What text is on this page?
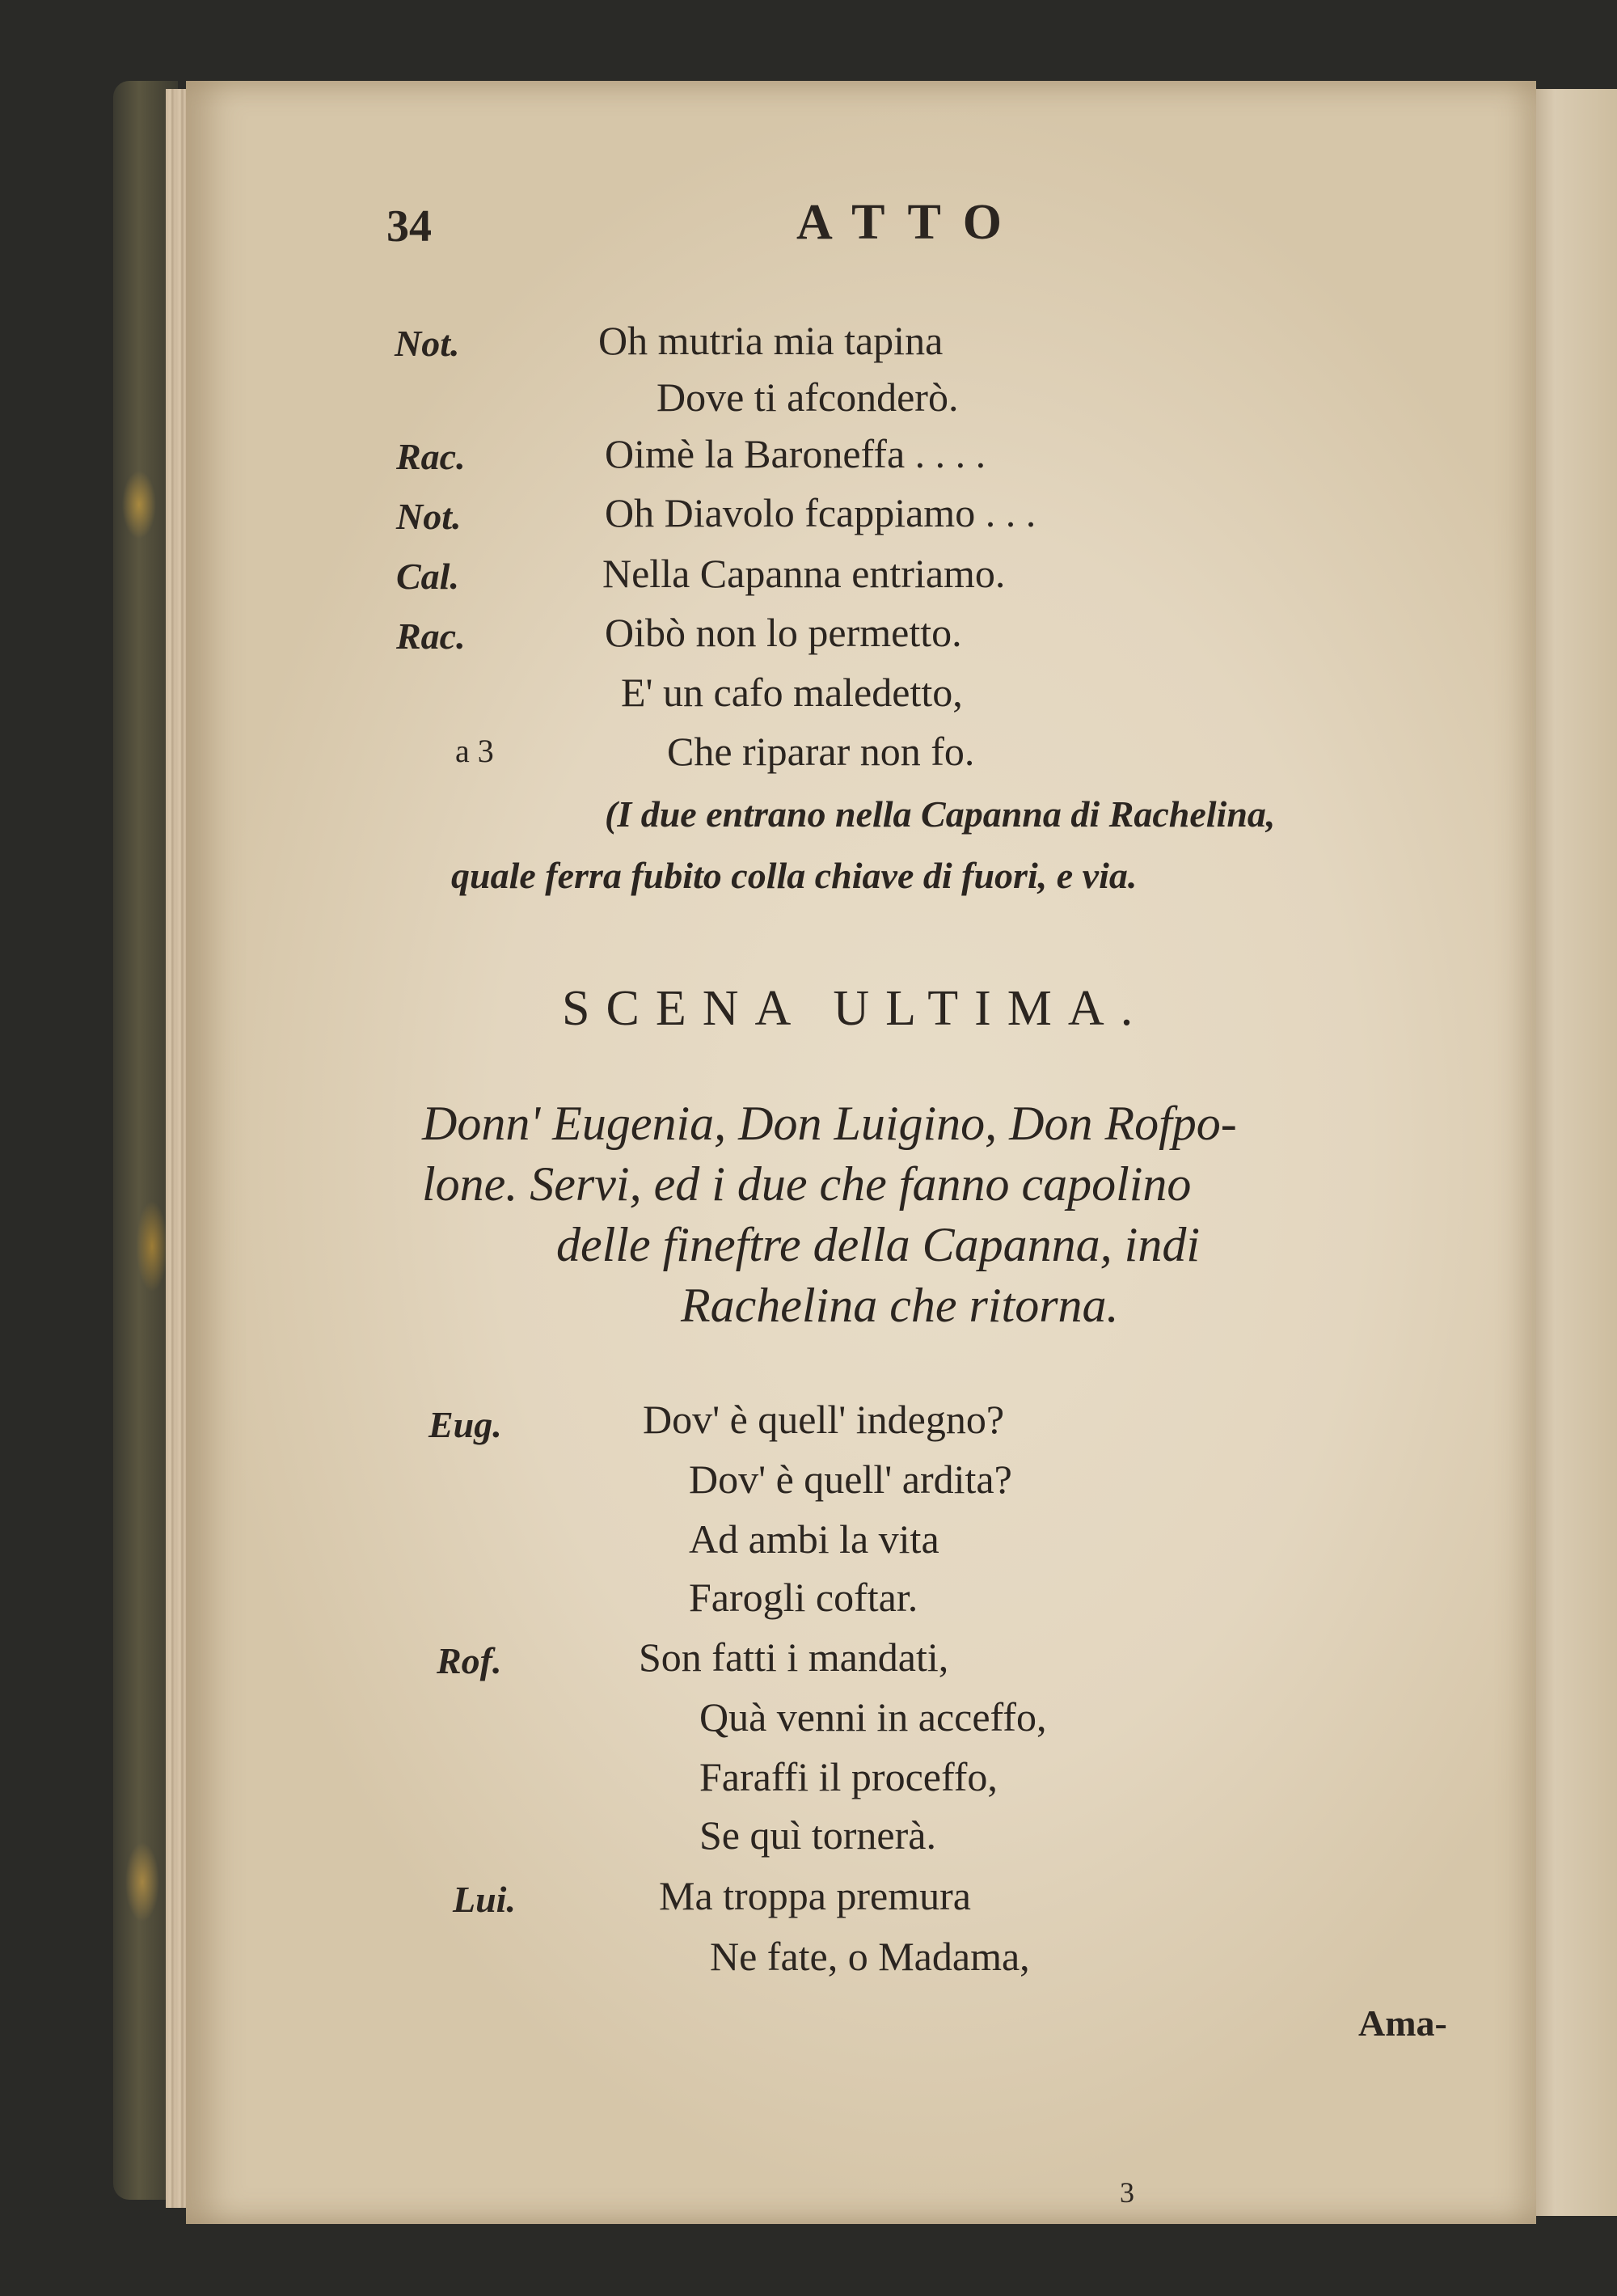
34	ATTO
Not.	Oh mutria mia tapina
Dove ti afconderò.
Rac.	Oimè la Baroneffa . . . .
Not.	Oh Diavolo fcappiamo . . .
Cal.	Nella Capanna entriamo.
Rac.	Oibò non lo permetto.
E' un cafo maledetto,
a 3	Che riparar non fo.
(I due entrano nella Capanna di Rachelina,
quale ferra fubito colla chiave di fuori, e via.
SCENA ULTIMA.
Donn' Eugenia, Don Luigino, Don Rofpo-
lone. Servi, ed i due che fanno capolino
delle fineftre della Capanna, indi
Rachelina che ritorna.
Eug.	Dov' è quell' indegno?
Dov' è quell' ardita?
Ad ambi la vita
Farogli coftar.
Rof.	Son fatti i mandati,
Quà venni in acceffo,
Faraffi il proceffo,
Se quì tornerà.
Lui.	Ma troppa premura
Ne fate, o Madama,
Ama-
3
